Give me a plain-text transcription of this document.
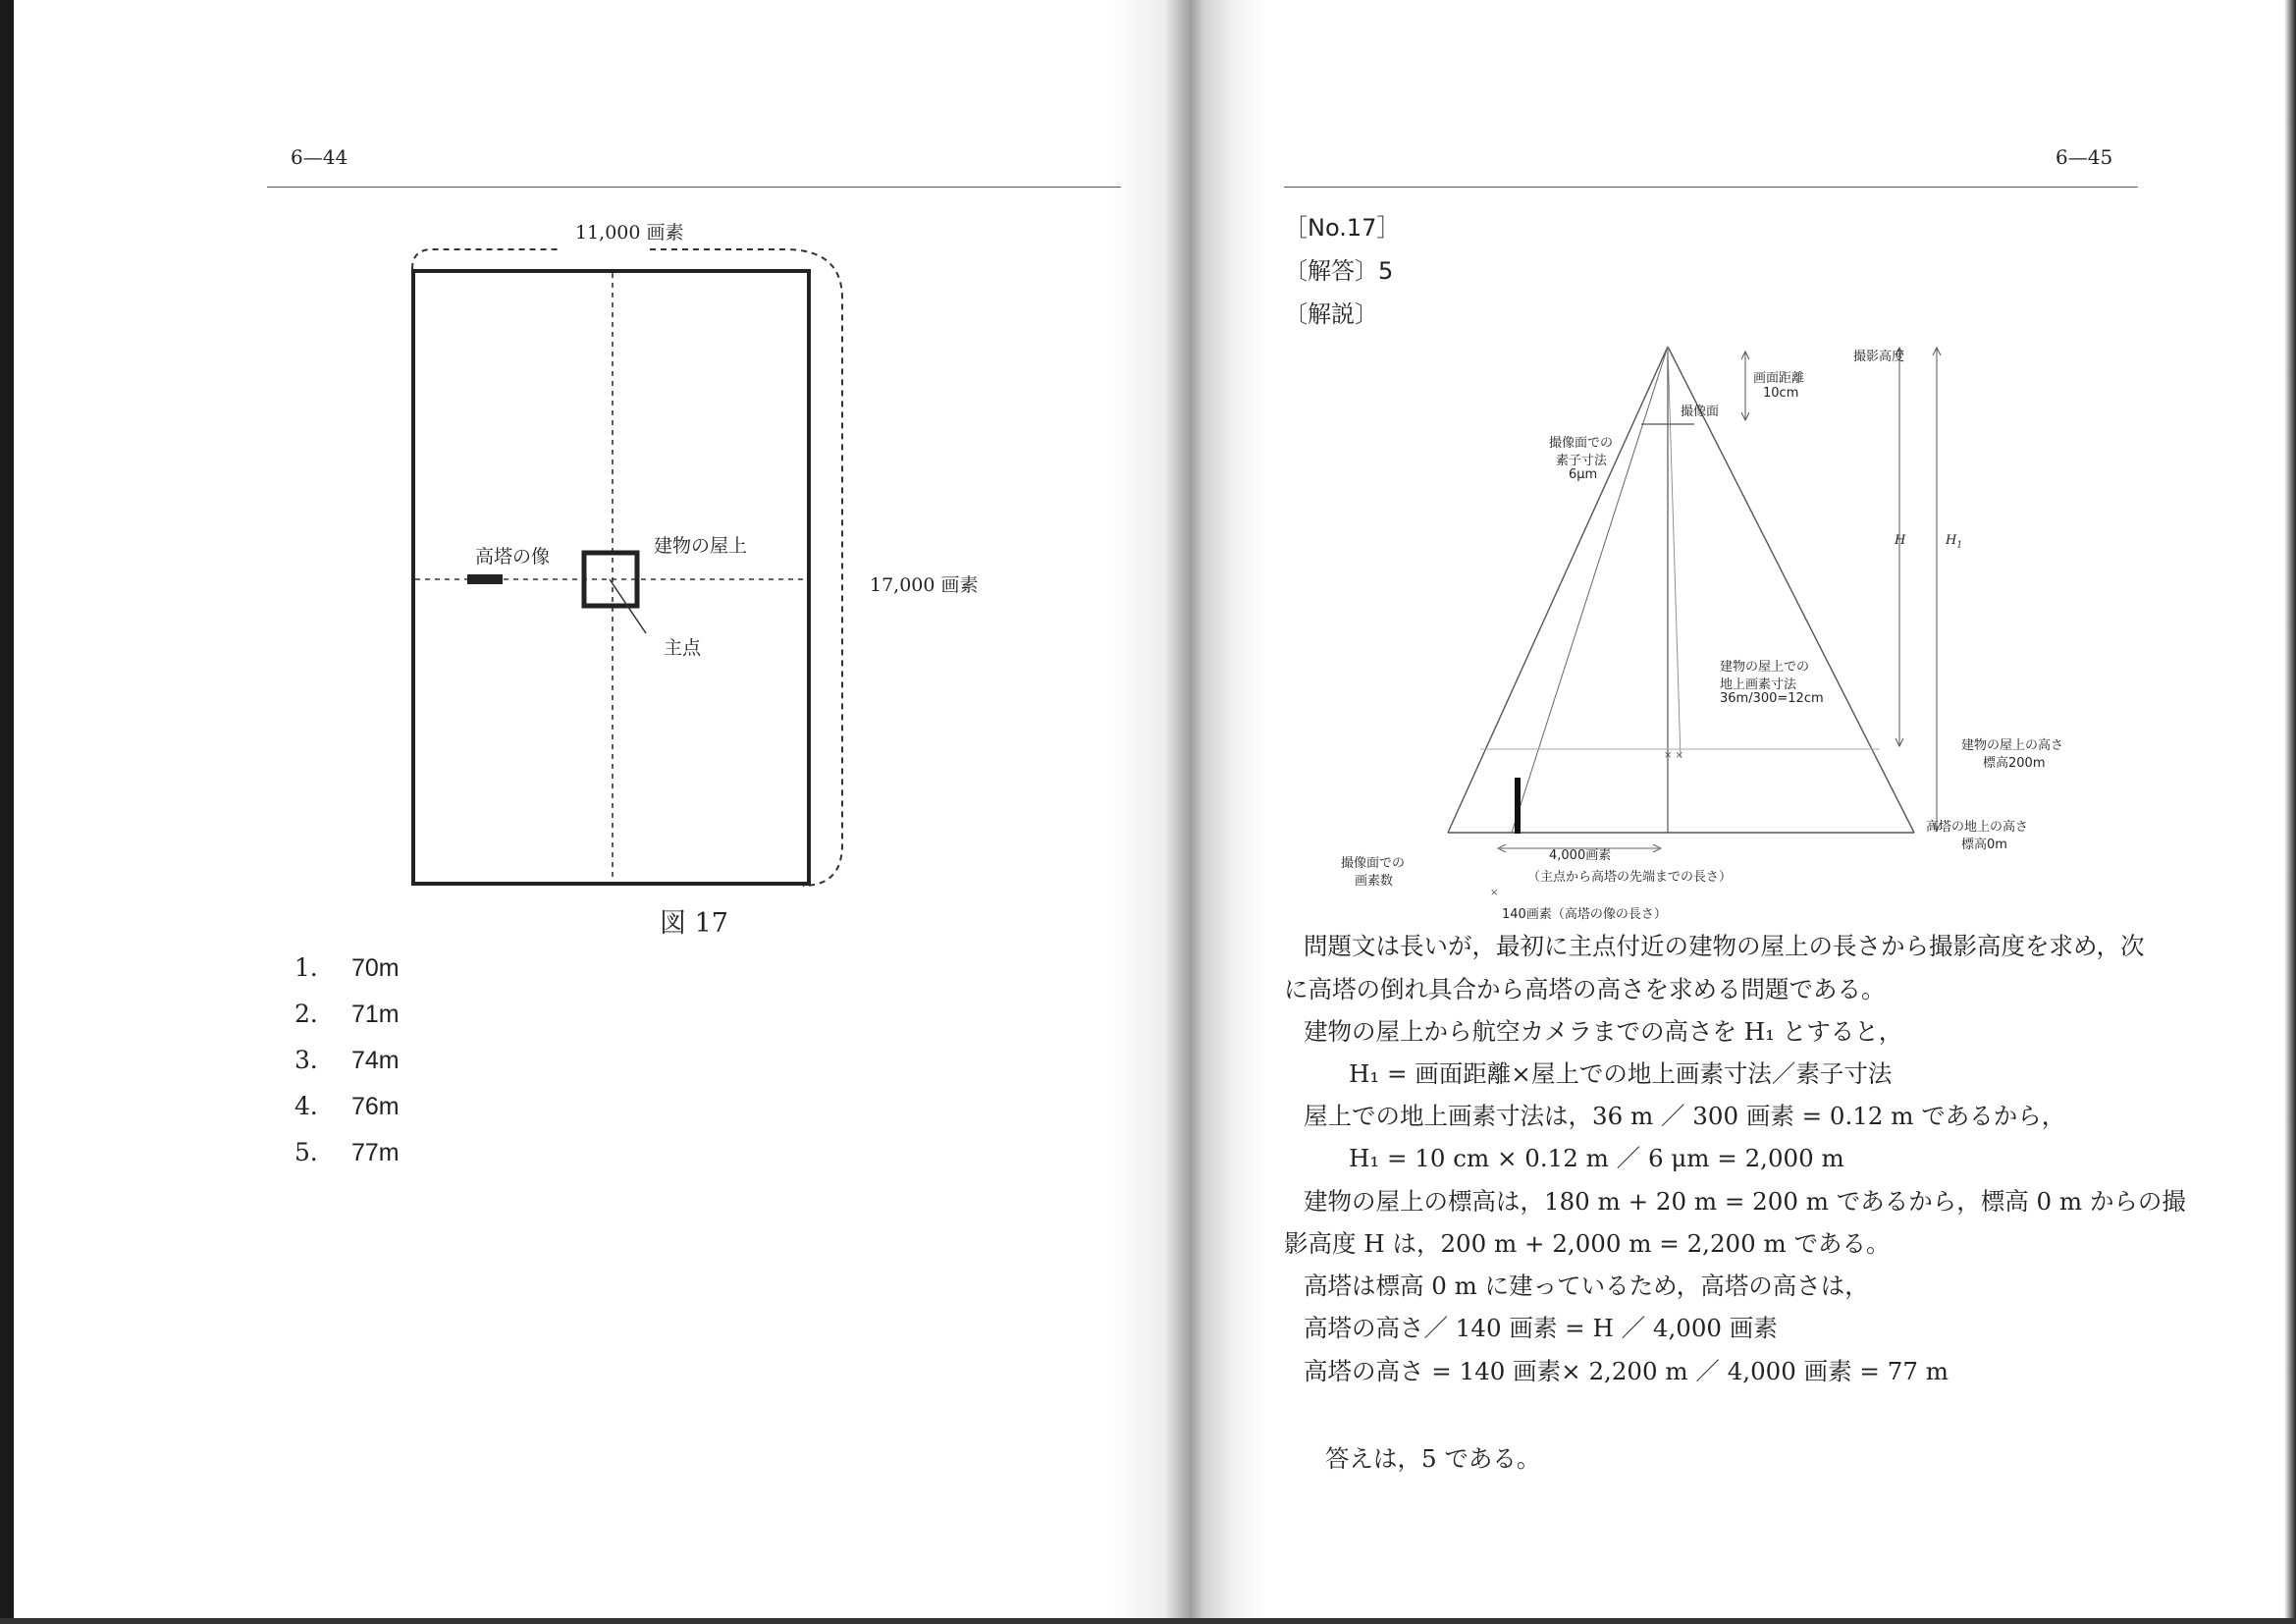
6—44
11,000 画素
17,000 画素
高塔の像	建物の屋上
主点
図 17
1． 70m
2． 71m
3． 74m
4． 76m
5． 77m
6—45
［No.17］
〔解答〕5
〔解説〕
× ×
×
撮影高度
画面距離
10cm
撮像面
撮像面での
素子寸法
6μm
H	$H_1$
建物の屋上での
地上画素寸法
36m/300=12cm
建物の屋上の高さ
標高200m
高塔の地上の高さ
標高0m
撮像面での
画素数
4,000画素
（主点から高塔の先端までの長さ）
140画素（高塔の像の長さ）
問題文は長いが，最初に主点付近の建物の屋上の長さから撮影高度を求め，次
に高塔の倒れ具合から高塔の高さを求める問題である。
建物の屋上から航空カメラまでの高さを H₁ とすると，
H₁ = 画面距離×屋上での地上画素寸法／素子寸法
屋上での地上画素寸法は，36 m ／ 300 画素 = 0.12 m であるから，
H₁ = 10 cm × 0.12 m ／ 6 μm = 2,000 m
建物の屋上の標高は，180 m + 20 m = 200 m であるから，標高 0 m からの撮
影高度 H は，200 m + 2,000 m = 2,200 m である。
高塔は標高 0 m に建っているため，高塔の高さは，
高塔の高さ／ 140 画素 = H ／ 4,000 画素
高塔の高さ = 140 画素× 2,200 m ／ 4,000 画素 = 77 m
答えは，5 である。
